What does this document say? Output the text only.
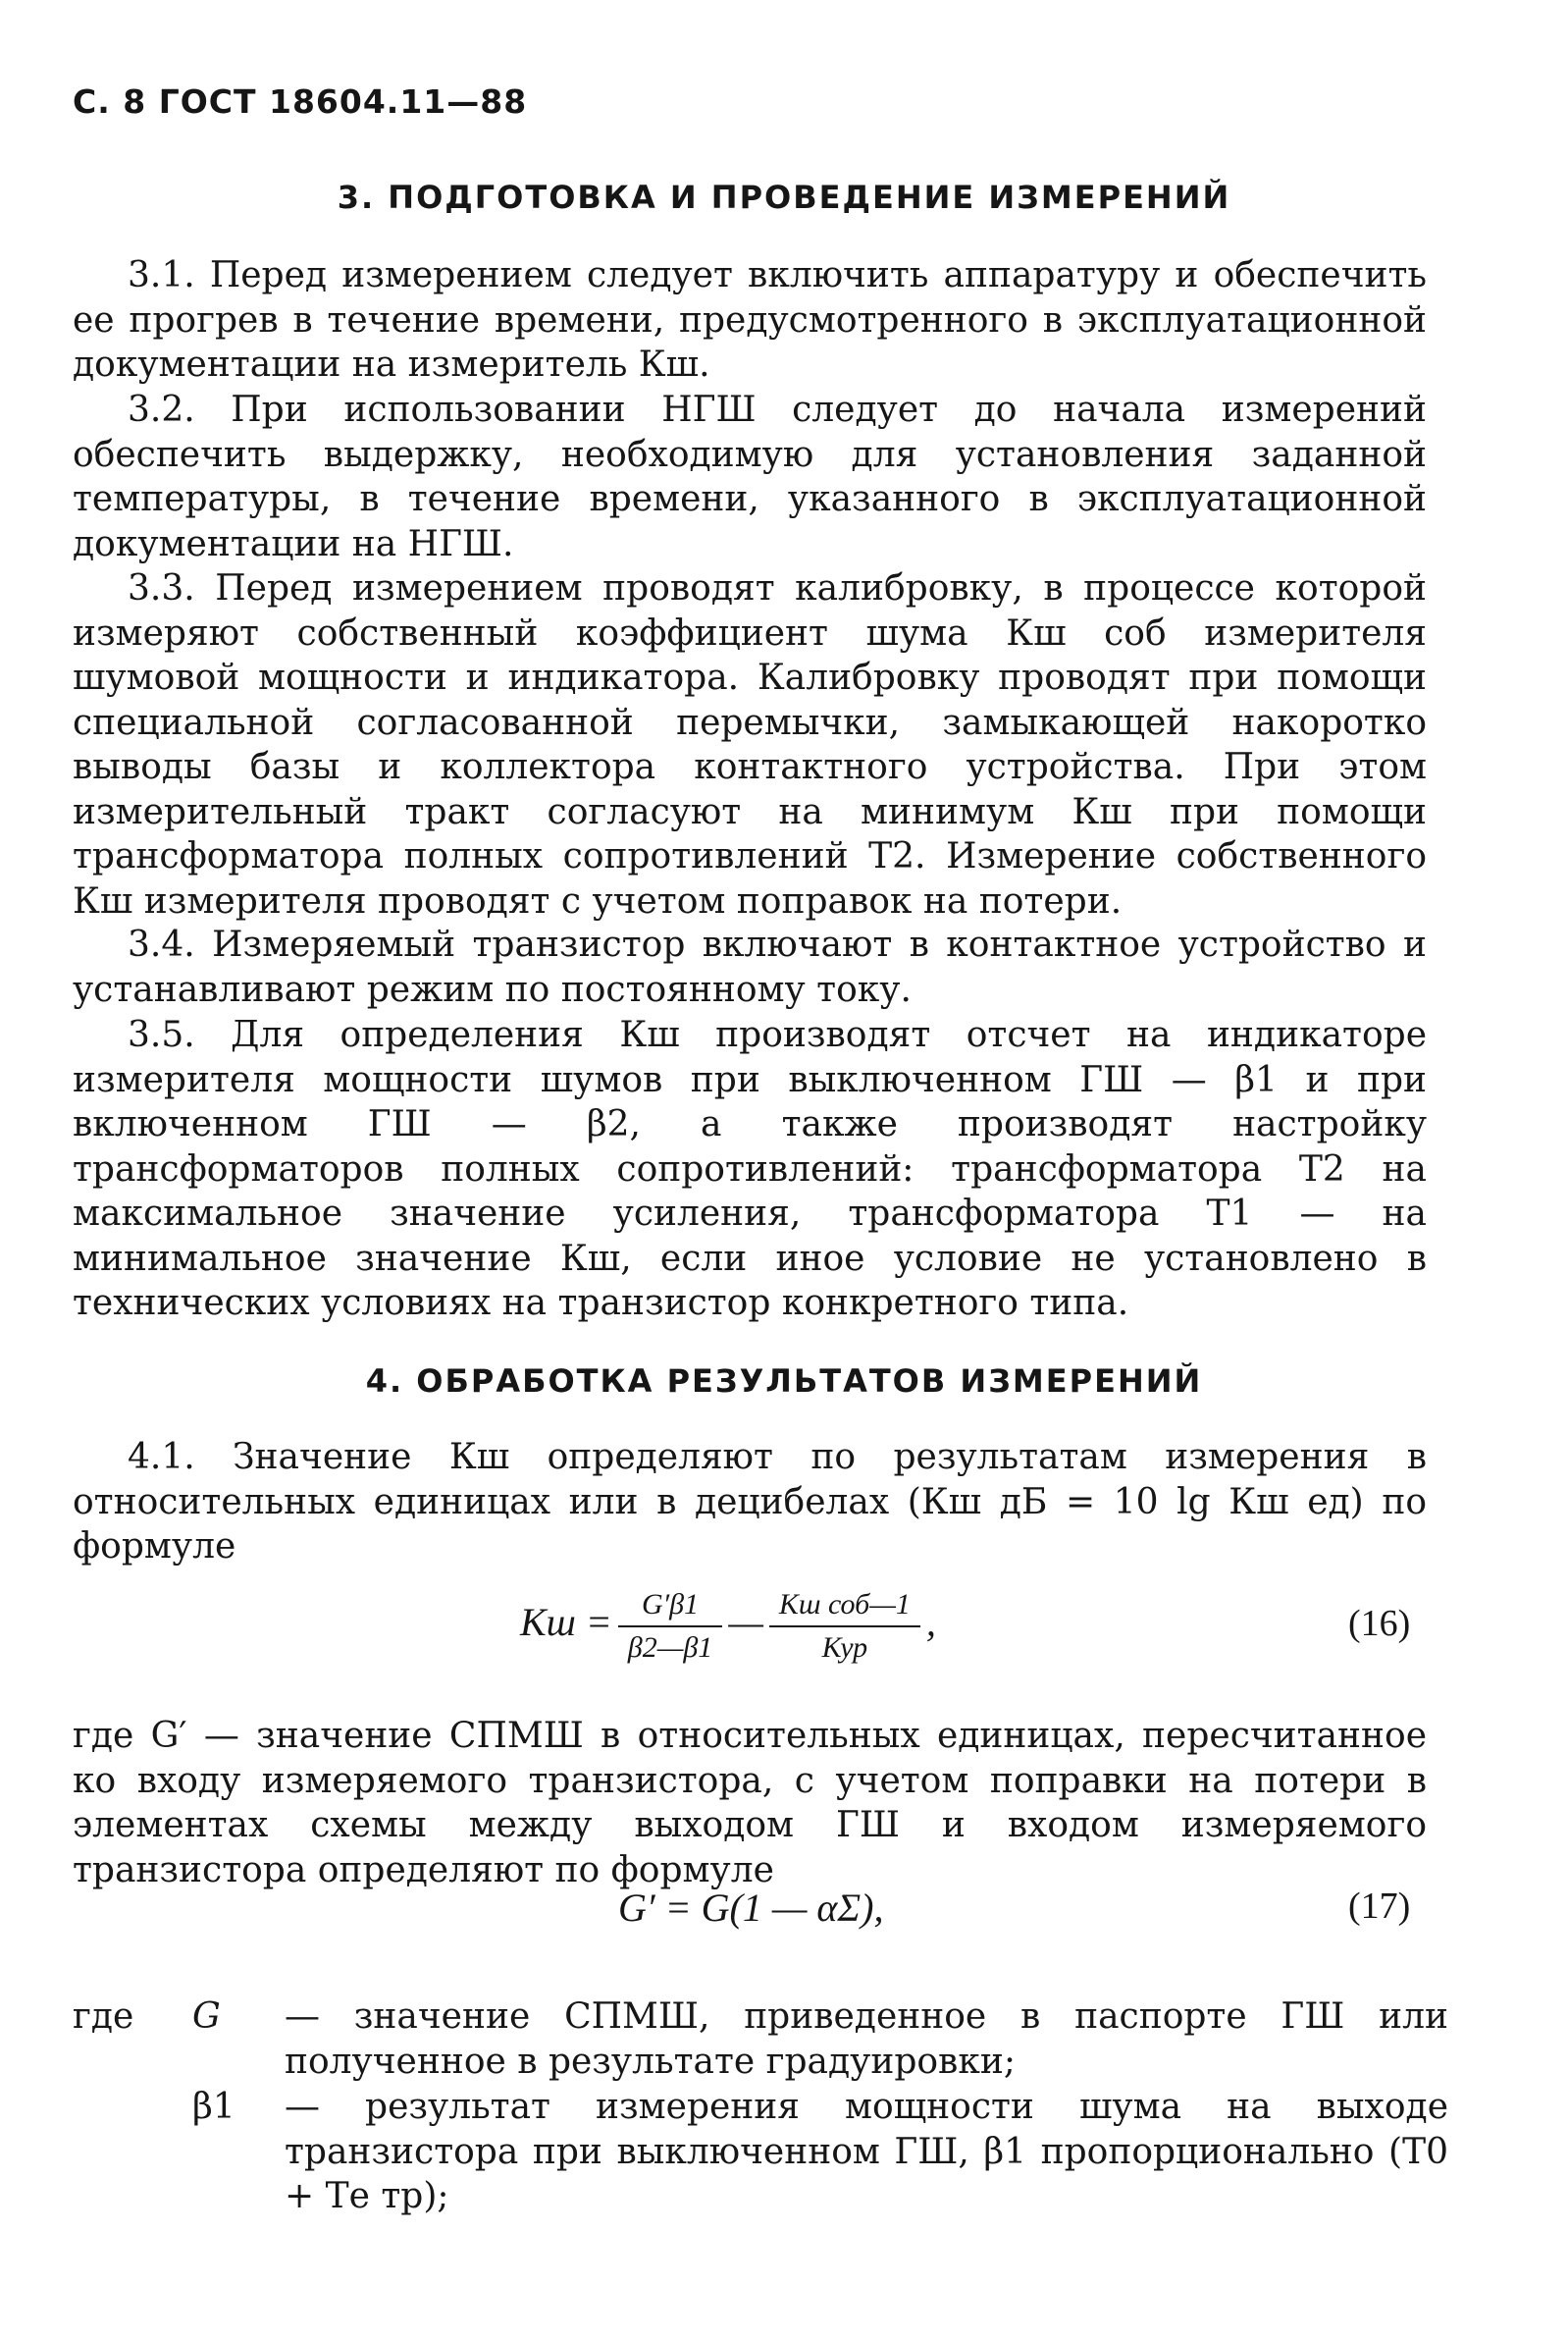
С. 8 ГОСТ 18604.11—88
3. ПОДГОТОВКА И ПРОВЕДЕНИЕ ИЗМЕРЕНИЙ
3.1. Перед измерением следует включить аппаратуру и обеспечить ее прогрев в течение времени, предусмотренного в эксплуатационной документации на измеритель Кш.
3.2. При использовании НГШ следует до начала измерений обеспечить выдержку, необходимую для установления заданной температуры, в течение времени, указанного в эксплуатационной документации на НГШ.
3.3. Перед измерением проводят калибровку, в процессе которой измеряют собственный коэффициент шума Кш соб измерителя шумовой мощности и индикатора. Калибровку проводят при помощи специальной согласованной перемычки, замыкающей накоротко выводы базы и коллектора контактного устройства. При этом измерительный тракт согласуют на минимум Кш при помощи трансформатора полных сопротивлений Т2. Измерение собственного Кш измерителя проводят с учетом поправок на потери.
3.4. Измеряемый транзистор включают в контактное устройство и устанавливают режим по постоянному току.
3.5. Для определения Кш производят отсчет на индикаторе измерителя мощности шумов при выключенном ГШ — β1 и при включенном ГШ — β2, а также производят настройку трансформаторов полных сопротивлений: трансформатора Т2 на максимальное значение усиления, трансформатора Т1 — на минимальное значение Кш, если иное условие не установлено в технических условиях на транзистор конкретного типа.
4. ОБРАБОТКА РЕЗУЛЬТАТОВ ИЗМЕРЕНИЙ
4.1. Значение Кш определяют по результатам измерения в относительных единицах или в децибелах (Кш дБ = 10 lg Кш ед) по формуле
Кш = $\frac{G'\beta 1}{\beta 2—\beta 1}$ — $\frac{\text{Кш соб—1}}{\text{Кур}}$ ,	(16)
где G′ — значение СПМШ в относительных единицах, пересчитанное ко входу измеряемого транзистора, с учетом поправки на потери в элементах схемы между выходом ГШ и входом измеряемого транзистора определяют по формуле
G′ = G(1 — αΣ),	(17)
где G — значение СПМШ, приведенное в паспорте ГШ или полученное в результате градуировки;
β1 — результат измерения мощности шума на выходе транзистора при выключенном ГШ, β1 пропорционально (Т0 + Те тр);
